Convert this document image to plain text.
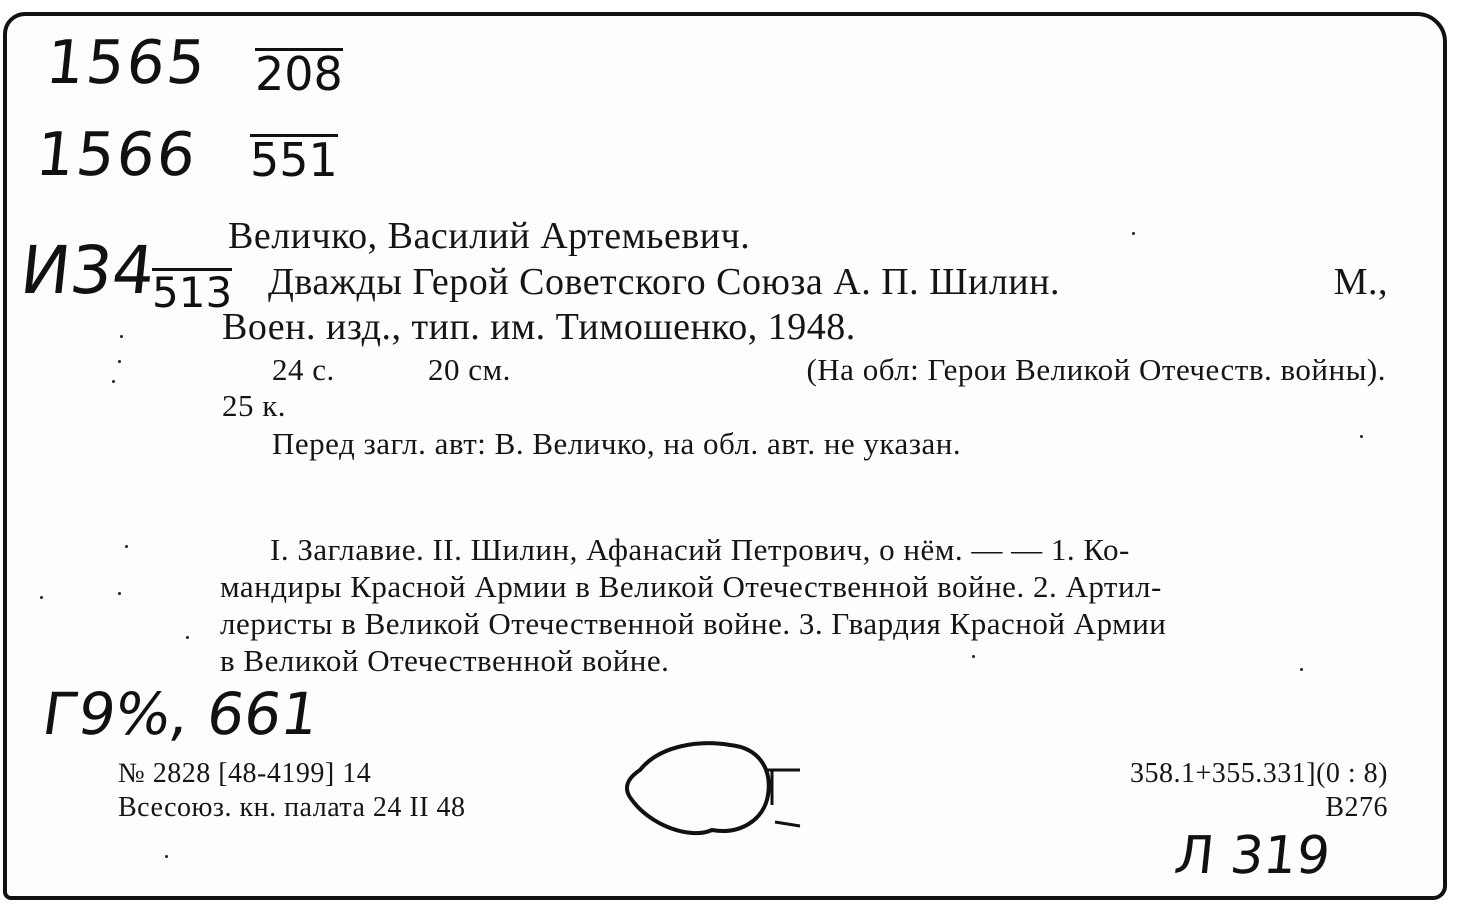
1565 208
1566 551
И34
513
Г9%, 661
Л 319
Величко, Василий Артемьевич.
Дважды Герой Советского Союза А. П. Шилин.	М.,
Воен. изд., тип. им. Тимошенко, 1948.
24 с.	20 см.	(На обл: Герои Великой Отечеств. войны).
25 к.
Перед загл. авт: В. Величко, на обл. авт. не указан.
I. Заглавие. II. Шилин, Афанасий Петрович, о нём. — — 1. Ко-
мандиры Красной Армии в Великой Отечественной войне. 2. Артил-
леристы в Великой Отечественной войне. 3. Гвардия Красной Армии
в Великой Отечественной войне.
№ 2828 [48-4199] 14
Всесоюз. кн. палата 24 II 48
358.1+355.331](0 : 8)
В276
